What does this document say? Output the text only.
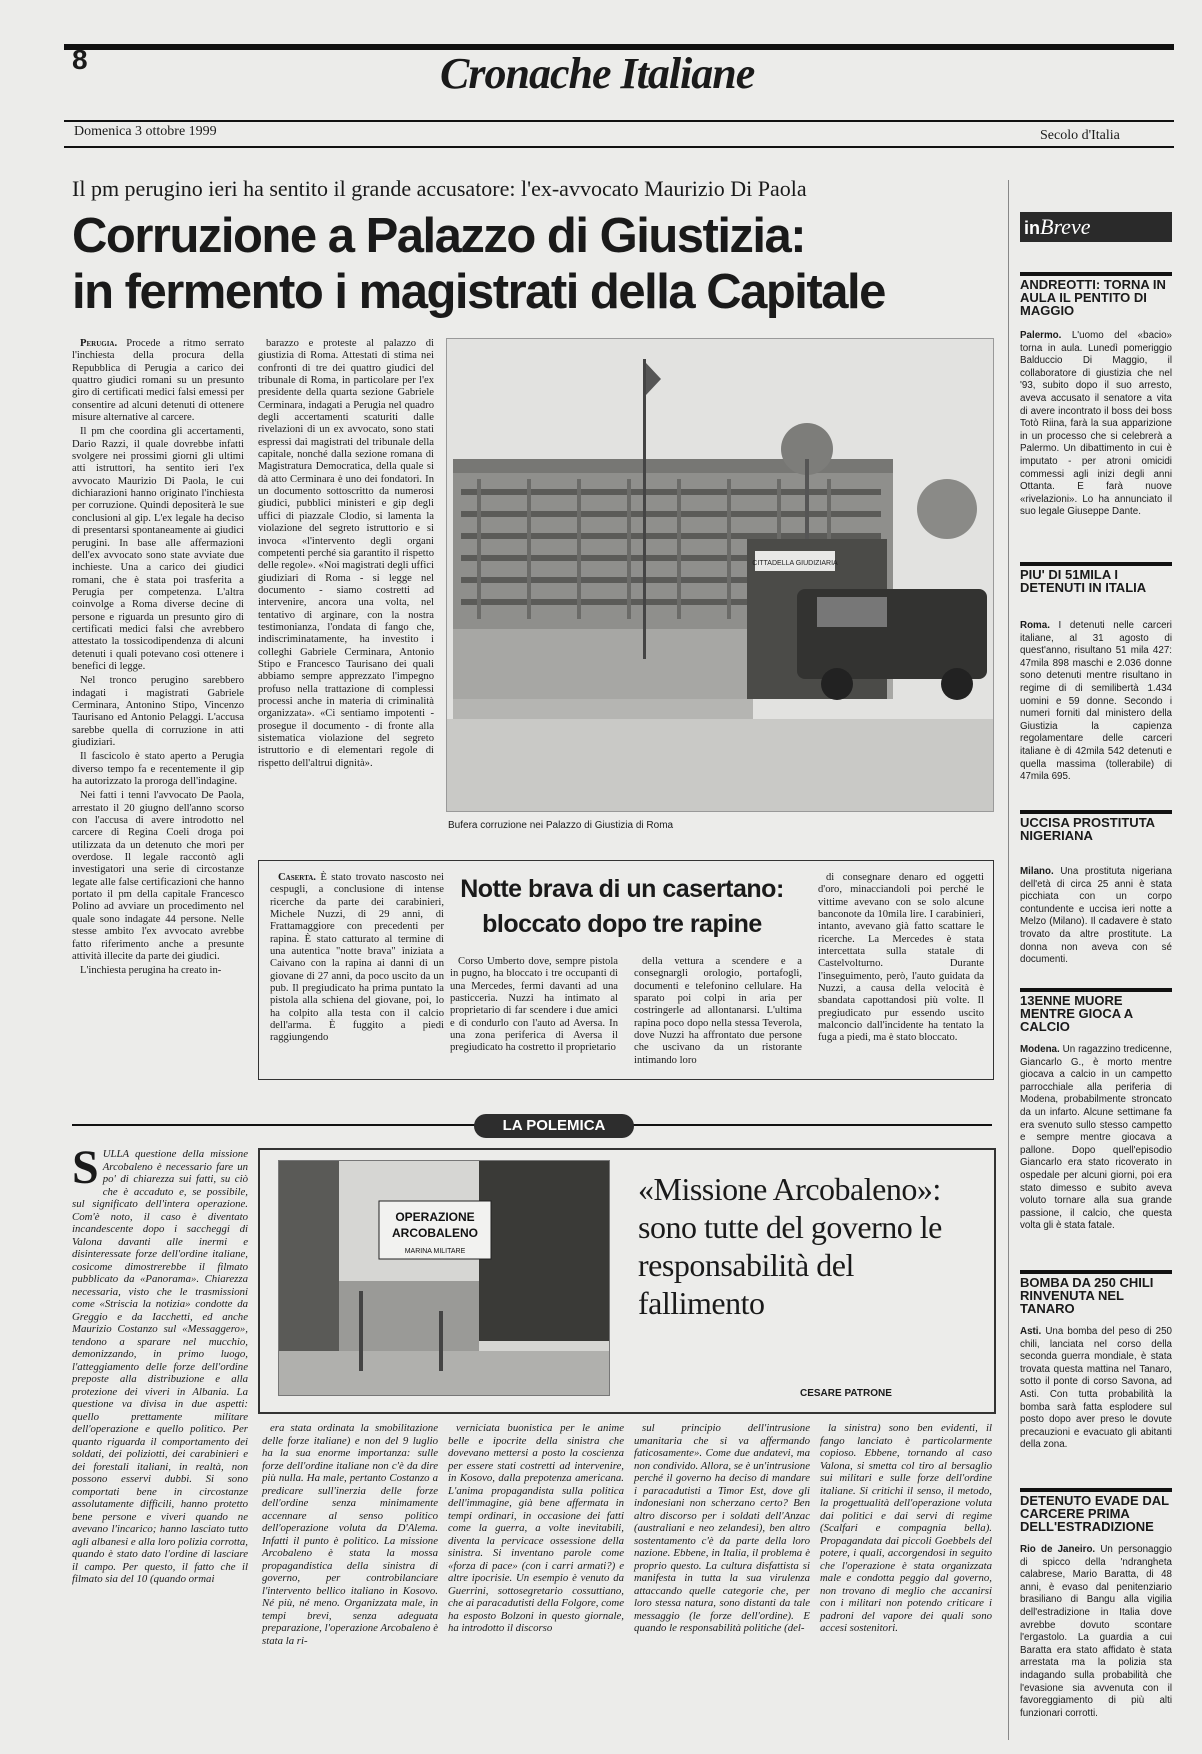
8	Cronache Italiane
Domenica 3 ottobre 1999	Secolo d'Italia
Il pm perugino ieri ha sentito il grande accusatore: l'ex-avvocato Maurizio Di Paola
Corruzione a Palazzo di Giustizia:
in fermento i magistrati della Capitale

Perugia. Procede a ritmo serrato l'inchiesta della procura della Repubblica di Perugia a carico dei quattro giudici romani su un presunto giro di certificati medici falsi emessi per consentire ad alcuni detenuti di ottenere misure alternative al carcere.

Il pm che coordina gli accertamenti, Dario Razzi, il quale dovrebbe infatti svolgere nei prossimi giorni gli ultimi atti istruttori, ha sentito ieri l'ex avvocato Maurizio Di Paola, le cui dichiarazioni hanno originato l'inchiesta per corruzione. Quindi depositerà le sue conclusioni al gip. L'ex legale ha deciso di presentarsi spontaneamente ai giudici perugini. In base alle affermazioni dell'ex avvocato sono state avviate due inchieste. Una a carico dei giudici romani, che è stata poi trasferita a Perugia per competenza. L'altra coinvolge a Roma diverse decine di persone e riguarda un presunto giro di certificati medici falsi che avrebbero attestato la tossicodipendenza di alcuni detenuti i quali potevano così ottenere i benefici di legge.

Nel tronco perugino sarebbero indagati i magistrati Gabriele Cerminara, Antonino Stipo, Vincenzo Taurisano ed Antonio Pelaggi. L'accusa sarebbe quella di corruzione in atti giudiziari.

Il fascicolo è stato aperto a Perugia diverso tempo fa e recentemente il gip ha autorizzato la proroga dell'indagine.

Nei fatti i tenni l'avvocato De Paola, arrestato il 20 giugno dell'anno scorso con l'accusa di avere introdotto nel carcere di Regina Coeli droga poi utilizzata da un detenuto che morì per overdose. Il legale raccontò agli investigatori una serie di circostanze legate alle false certificazioni che hanno portato il pm della capitale Francesco Polino ad avviare un procedimento nel quale sono indagate 44 persone. Nelle stesse ambito l'ex avvocato avrebbe fatto riferimento anche a presunte attività illecite da parte dei giudici.

L'inchiesta perugina ha creato in-

barazzo e proteste al palazzo di giustizia di Roma. Attestati di stima nei confronti di tre dei quattro giudici del tribunale di Roma, in particolare per l'ex presidente della quarta sezione Gabriele Cerminara, indagati a Perugia nel quadro degli accertamenti scaturiti dalle rivelazioni di un ex avvocato, sono stati espressi dai magistrati del tribunale della capitale, nonché dalla sezione romana di Magistratura Democratica, della quale si dà atto Cerminara è uno dei fondatori. In un documento sottoscritto da numerosi giudici, pubblici ministeri e gip degli uffici di piazzale Clodio, si lamenta la violazione del segreto istruttorio e si invoca «l'intervento degli organi competenti perché sia garantito il rispetto delle regole». «Noi magistrati degli uffici giudiziari di Roma - si legge nel documento - siamo costretti ad intervenire, ancora una volta, nel tentativo di arginare, con la nostra testimonianza, l'ondata di fango che, indiscriminatamente, ha investito i colleghi Gabriele Cerminara, Antonio Stipo e Francesco Taurisano dei quali abbiamo sempre apprezzato l'impegno profuso nella trattazione di complessi processi anche in materia di criminalità organizzata». «Ci sentiamo impotenti - prosegue il documento - di fronte alla sistematica violazione del segreto istruttorio e di elementari regole di rispetto dell'altrui dignità».

CITTADELLA GIUDIZIARIA
Bufera corruzione nei Palazzo di Giustizia di Roma

Caserta. È stato trovato nascosto nei cespugli, a conclusione di intense ricerche da parte dei carabinieri, Michele Nuzzi, di 29 anni, di Frattamaggiore con precedenti per rapina. È stato catturato al termine di una autentica "notte brava" iniziata a Caivano con la rapina ai danni di un giovane di 27 anni, da poco uscito da un pub. Il pregiudicato ha prima puntato la pistola alla schiena del giovane, poi, lo ha colpito alla testa con il calcio dell'arma. È fuggito a piedi raggiungendo

Notte brava di un casertano:
bloccato dopo tre rapine

Corso Umberto dove, sempre pistola in pugno, ha bloccato i tre occupanti di una Mercedes, fermi davanti ad una pasticceria. Nuzzi ha intimato al proprietario di far scendere i due amici e di condurlo con l'auto ad Aversa. In una zona periferica di Aversa il pregiudicato ha costretto il proprietario

della vettura a scendere e a consegnargli orologio, portafogli, documenti e telefonino cellulare. Ha sparato poi colpi in aria per costringerle ad allontanarsi. L'ultima rapina poco dopo nella stessa Teverola, dove Nuzzi ha affrontato due persone che uscivano da un ristorante intimando loro

di consegnare denaro ed oggetti d'oro, minacciandoli poi perché le vittime avevano con se solo alcune banconote da 10mila lire. I carabinieri, intanto, avevano già fatto scattare le ricerche. La Mercedes è stata intercettata sulla statale di Castelvolturno. Durante l'inseguimento, però, l'auto guidata da Nuzzi, a causa della velocità è sbandata capottandosi più volte. Il pregiudicato pur essendo uscito malconcio dall'incidente ha tentato la fuga a piedi, ma è stato bloccato.

LA POLEMICA
S ULLA questione della missione Arcobaleno è necessario fare un po' di chiarezza sui fatti, su ciò che è accaduto e, se possibile, sul significato dell'intera operazione. Com'è noto, il caso è diventato incandescente dopo i saccheggi di Valona davanti alle inermi e disinteressate forze dell'ordine italiane, cosicome dimostrerebbe il filmato pubblicato da «Panorama». Chiarezza necessaria, visto che le trasmissioni come «Striscia la notizia» condotte da Greggio e da Iacchetti, ed anche Maurizio Costanzo sul «Messaggero», tendono a sparare nel mucchio, demonizzando, in primo luogo, l'atteggiamento delle forze dell'ordine preposte alla distribuzione e alla protezione dei viveri in Albania. La questione va divisa in due aspetti: quello prettamente militare dell'operazione e quello politico. Per quanto riguarda il comportamento dei soldati, dei poliziotti, dei carabinieri e dei forestali italiani, in realtà, non possono esservi dubbi. Si sono comportati bene in circostanze assolutamente difficili, hanno protetto bene persone e viveri quando ne avevano l'incarico; hanno lasciato tutto agli albanesi e alla loro polizia corrotta, quando è stato dato l'ordine di lasciare il campo. Per questo, il fatto che il filmato sia del 10 (quando ormai
OPERAZIONE
ARCOBALENO
MARINA MILITARE
«Missione Arcobaleno»: sono tutte del governo le responsabilità del fallimento
CESARE PATRONE

era stata ordinata la smobilitazione delle forze italiane) e non del 9 luglio ha la sua enorme importanza: sulle forze dell'ordine italiane non c'è da dire più nulla. Ha male, pertanto Costanzo a predicare sull'inerzia delle forze dell'ordine senza minimamente accennare al senso politico dell'operazione voluta da D'Alema. Infatti il punto è politico. La missione Arcobaleno è stata la mossa propagandistica della sinistra di governo, per controbilanciare l'intervento bellico italiano in Kosovo. Né più, né meno. Organizzata male, in tempi brevi, senza adeguata preparazione, l'operazione Arcobaleno è stata la ri-

verniciata buonistica per le anime belle e ipocrite della sinistra che dovevano mettersi a posto la coscienza per essere stati costretti ad intervenire, in Kosovo, dalla prepotenza americana. L'anima propagandista sulla politica dell'immagine, già bene affermata in tempi ordinari, in occasione dei fatti come la guerra, a volte inevitabili, diventa la pervicace ossessione della sinistra. Si inventano parole come «forza di pace» (con i carri armati?) e altre ipocrisie. Un esempio è venuto da Guerrini, sottosegretario cossuttiano, che ai paracadutisti della Folgore, come ha esposto Bolzoni in questo giornale, ha introdotto il discorso

sul principio dell'intrusione umanitaria che si va affermando faticosamente». Come due andatevi, ma non condivido. Allora, se è un'intrusione perché il governo ha deciso di mandare i paracadutisti a Timor Est, dove gli indonesiani non scherzano certo? Ben altro discorso per i soldati dell'Anzac (australiani e neo zelandesi), ben altro sostentamento c'è da parte della loro nazione. Ebbene, in Italia, il problema è proprio questo. La cultura disfattista si manifesta in tutta la sua virulenza attaccando quelle categorie che, per loro stessa natura, sono distanti da tale messaggio (le forze dell'ordine). E quando le responsabilità politiche (del-

la sinistra) sono ben evidenti, il fango lanciato è particolarmente copioso. Ebbene, tornando al caso Valona, si smetta col tiro al bersaglio sui militari e sulle forze dell'ordine italiane. Si critichi il senso, il metodo, la progettualità dell'operazione voluta dai politici e dai servi di regime (Scalfari e compagnia bella). Propagandata dai piccoli Goebbels del potere, i quali, accorgendosi in seguito che l'operazione è stata organizzata male e condotta peggio dal governo, non trovano di meglio che accanirsi con i militari non potendo criticare i padroni del vapore dei quali sono accesi sostenitori.

inBreve
ANDREOTTI: TORNA IN AULA IL PENTITO DI MAGGIO
Palermo. L'uomo del «bacio» torna in aula. Lunedì pomeriggio Balduccio Di Maggio, il collaboratore di giustizia che nel '93, subito dopo il suo arresto, aveva accusato il senatore a vita di avere incontrato il boss dei boss Totò Riina, farà la sua apparizione in un processo che si celebrerà a Palermo. Un dibattimento in cui è imputato - per atroni omicidi commessi agli inizi degli anni Ottanta. E farà nuove «rivelazioni». Lo ha annunciato il suo legale Giuseppe Dante.
PIU' DI 51MILA I DETENUTI IN ITALIA
Roma. I detenuti nelle carceri italiane, al 31 agosto di quest'anno, risultano 51 mila 427: 47mila 898 maschi e 2.036 donne sono detenuti mentre risultano in regime di di semilibertà 1.434 uomini e 59 donne. Secondo i numeri forniti dal ministero della Giustizia la capienza regolamentare delle carceri italiane è di 42mila 542 detenuti e quella massima (tollerabile) di 47mila 695.
UCCISA PROSTITUTA NIGERIANA
Milano. Una prostituta nigeriana dell'età di circa 25 anni è stata picchiata con un corpo contundente e uccisa ieri notte a Melzo (Milano). Il cadavere è stato trovato da altre prostitute. La donna non aveva con sé documenti.
13ENNE MUORE MENTRE GIOCA A CALCIO
Modena. Un ragazzino tredicenne, Giancarlo G., è morto mentre giocava a calcio in un campetto parrocchiale alla periferia di Modena, probabilmente stroncato da un infarto. Alcune settimane fa era svenuto sullo stesso campetto e sempre mentre giocava a pallone. Dopo quell'episodio Giancarlo era stato ricoverato in ospedale per alcuni giorni, poi era stato dimesso e subito aveva voluto tornare alla sua grande passione, il calcio, che questa volta gli è stata fatale.
BOMBA DA 250 CHILI RINVENUTA NEL TANARO
Asti. Una bomba del peso di 250 chili, lanciata nel corso della seconda guerra mondiale, è stata trovata questa mattina nel Tanaro, sotto il ponte di corso Savona, ad Asti. Con tutta probabilità la bomba sarà fatta esplodere sul posto dopo aver preso le dovute precauzioni e evacuato gli abitanti della zona.
DETENUTO EVADE DAL CARCERE PRIMA DELL'ESTRADIZIONE
Rio de Janeiro. Un personaggio di spicco della 'ndrangheta calabrese, Mario Baratta, di 48 anni, è evaso dal penitenziario brasiliano di Bangu alla vigilia dell'estradizione in Italia dove avrebbe dovuto scontare l'ergastolo. La guardia a cui Baratta era stato affidato è stata arrestata ma la polizia sta indagando sulla probabilità che l'evasione sia avvenuta con il favoreggiamento di più alti funzionari corrotti.
